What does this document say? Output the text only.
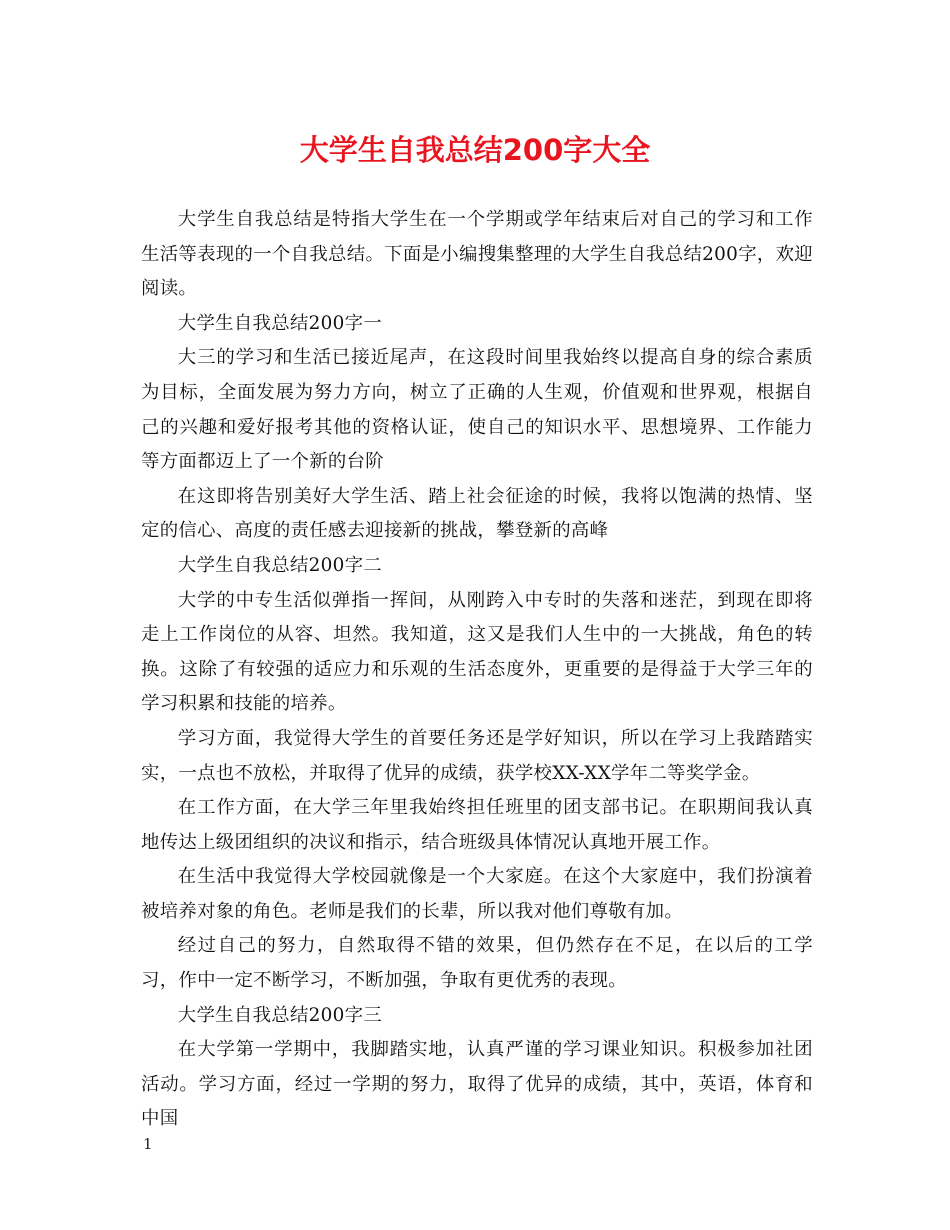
大学生自我总结200字大全

大学生自我总结是特指大学生在一个学期或学年结束后对自己的学习和工作生活等表现的一个自我总结。下面是小编搜集整理的大学生自我总结200字，欢迎阅读。

大学生自我总结200字一

大三的学习和生活已接近尾声，在这段时间里我始终以提高自身的综合素质为目标，全面发展为努力方向，树立了正确的人生观，价值观和世界观，根据自己的兴趣和爱好报考其他的资格认证，使自己的知识水平、思想境界、工作能力等方面都迈上了一个新的台阶

在这即将告别美好大学生活、踏上社会征途的时候，我将以饱满的热情、坚定的信心、高度的责任感去迎接新的挑战，攀登新的高峰

大学生自我总结200字二

大学的中专生活似弹指一挥间，从刚跨入中专时的失落和迷茫，到现在即将走上工作岗位的从容、坦然。我知道，这又是我们人生中的一大挑战，角色的转换。这除了有较强的适应力和乐观的生活态度外，更重要的是得益于大学三年的学习积累和技能的培养。

学习方面，我觉得大学生的首要任务还是学好知识，所以在学习上我踏踏实实，一点也不放松，并取得了优异的成绩，获学校XX-XX学年二等奖学金。

在工作方面，在大学三年里我始终担任班里的团支部书记。在职期间我认真地传达上级团组织的决议和指示，结合班级具体情况认真地开展工作。

在生活中我觉得大学校园就像是一个大家庭。在这个大家庭中，我们扮演着被培养对象的角色。老师是我们的长辈，所以我对他们尊敬有加。

经过自己的努力，自然取得不错的效果，但仍然存在不足，在以后的工学习，作中一定不断学习，不断加强，争取有更优秀的表现。

大学生自我总结200字三

在大学第一学期中，我脚踏实地，认真严谨的学习课业知识。积极参加社团活动。学习方面，经过一学期的努力，取得了优异的成绩，其中，英语，体育和中国

1
